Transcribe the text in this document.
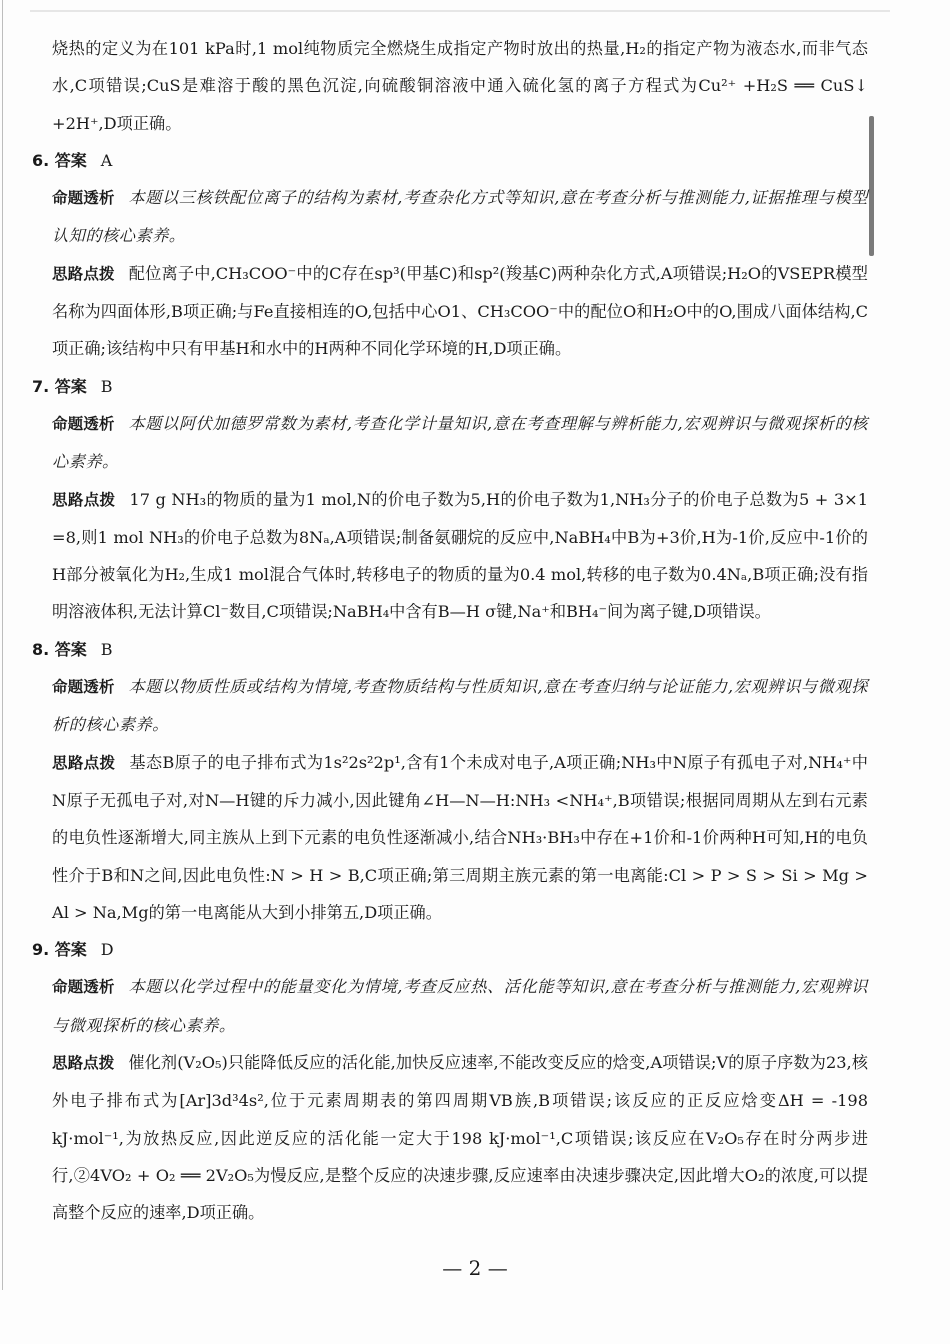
烧热的定义为在101 kPa时,1 mol纯物质完全燃烧生成指定产物时放出的热量,H₂的指定产物为液态水,而非气态水,C项错误;CuS是难溶于酸的黑色沉淀,向硫酸铜溶液中通入硫化氢的离子方程式为Cu²⁺ +H₂S ══ CuS↓ +2H⁺,D项正确。

6. 答案 A

命题透析 本题以三核铁配位离子的结构为素材,考查杂化方式等知识,意在考查分析与推测能力,证据推理与模型认知的核心素养。

思路点拨 配位离子中,CH₃COO⁻中的C存在sp³(甲基C)和sp²(羧基C)两种杂化方式,A项错误;H₂O的VSEPR模型名称为四面体形,B项正确;与Fe直接相连的O,包括中心O1、CH₃COO⁻中的配位O和H₂O中的O,围成八面体结构,C项正确;该结构中只有甲基H和水中的H两种不同化学环境的H,D项正确。

7. 答案 B

命题透析 本题以阿伏加德罗常数为素材,考查化学计量知识,意在考查理解与辨析能力,宏观辨识与微观探析的核心素养。

思路点拨 17 g NH₃的物质的量为1 mol,N的价电子数为5,H的价电子数为1,NH₃分子的价电子总数为5 + 3×1 =8,则1 mol NH₃的价电子总数为8Nₐ,A项错误;制备氨硼烷的反应中,NaBH₄中B为+3价,H为-1价,反应中-1价的H部分被氧化为H₂,生成1 mol混合气体时,转移电子的物质的量为0.4 mol,转移的电子数为0.4Nₐ,B项正确;没有指明溶液体积,无法计算Cl⁻数目,C项错误;NaBH₄中含有B—H σ键,Na⁺和BH₄⁻间为离子键,D项错误。

8. 答案 B

命题透析 本题以物质性质或结构为情境,考查物质结构与性质知识,意在考查归纳与论证能力,宏观辨识与微观探析的核心素养。

思路点拨 基态B原子的电子排布式为1s²2s²2p¹,含有1个未成对电子,A项正确;NH₃中N原子有孤电子对,NH₄⁺中N原子无孤电子对,对N—H键的斥力减小,因此键角∠H—N—H:NH₃ <NH₄⁺,B项错误;根据同周期从左到右元素的电负性逐渐增大,同主族从上到下元素的电负性逐渐减小,结合NH₃·BH₃中存在+1价和-1价两种H可知,H的电负性介于B和N之间,因此电负性:N > H > B,C项正确;第三周期主族元素的第一电离能:Cl > P > S > Si > Mg > Al > Na,Mg的第一电离能从大到小排第五,D项正确。

9. 答案 D

命题透析 本题以化学过程中的能量变化为情境,考查反应热、活化能等知识,意在考查分析与推测能力,宏观辨识与微观探析的核心素养。

思路点拨 催化剂(V₂O₅)只能降低反应的活化能,加快反应速率,不能改变反应的焓变,A项错误;V的原子序数为23,核外电子排布式为[Ar]3d³4s²,位于元素周期表的第四周期VB族,B项错误;该反应的正反应焓变ΔH = -198 kJ·mol⁻¹,为放热反应,因此逆反应的活化能一定大于198 kJ·mol⁻¹,C项错误;该反应在V₂O₅存在时分两步进行,②4VO₂ + O₂ ══ 2V₂O₅为慢反应,是整个反应的决速步骤,反应速率由决速步骤决定,因此增大O₂的浓度,可以提高整个反应的速率,D项正确。

— 2 —
